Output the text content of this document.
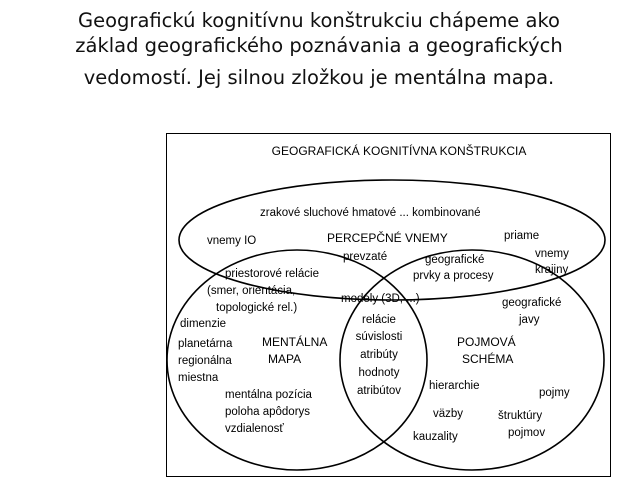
Geografickú kognitívnu konštrukciu chápeme ako
základ geografického poznávania a geografických
vedomostí. Jej silnou zložkou je mentálna mapa.
GEOGRAFICKÁ KOGNITÍVNA KONŠTRUKCIA
zrakové sluchové hmatové ... kombinované
vnemy IO	PERCEPČNÉ VNEMY	priame
prevzaté	vnemy
krajiny
geografické
prvky a procesy
priestorové relácie
(smer, orientácia,
topologické rel.)
modely (3D, ...)	geografické
javy
dimenzie
MENTÁLNA
MAPA
planetárna
regionálna
miestna
mentálna pozícia
poloha apôdorys
vzdialenosť
relácie
súvislosti
atribúty
hodnoty
atribútov
POJMOVÁ
SCHÉMA
hierarchie
pojmy
väzby	štruktúry
pojmov
kauzality
